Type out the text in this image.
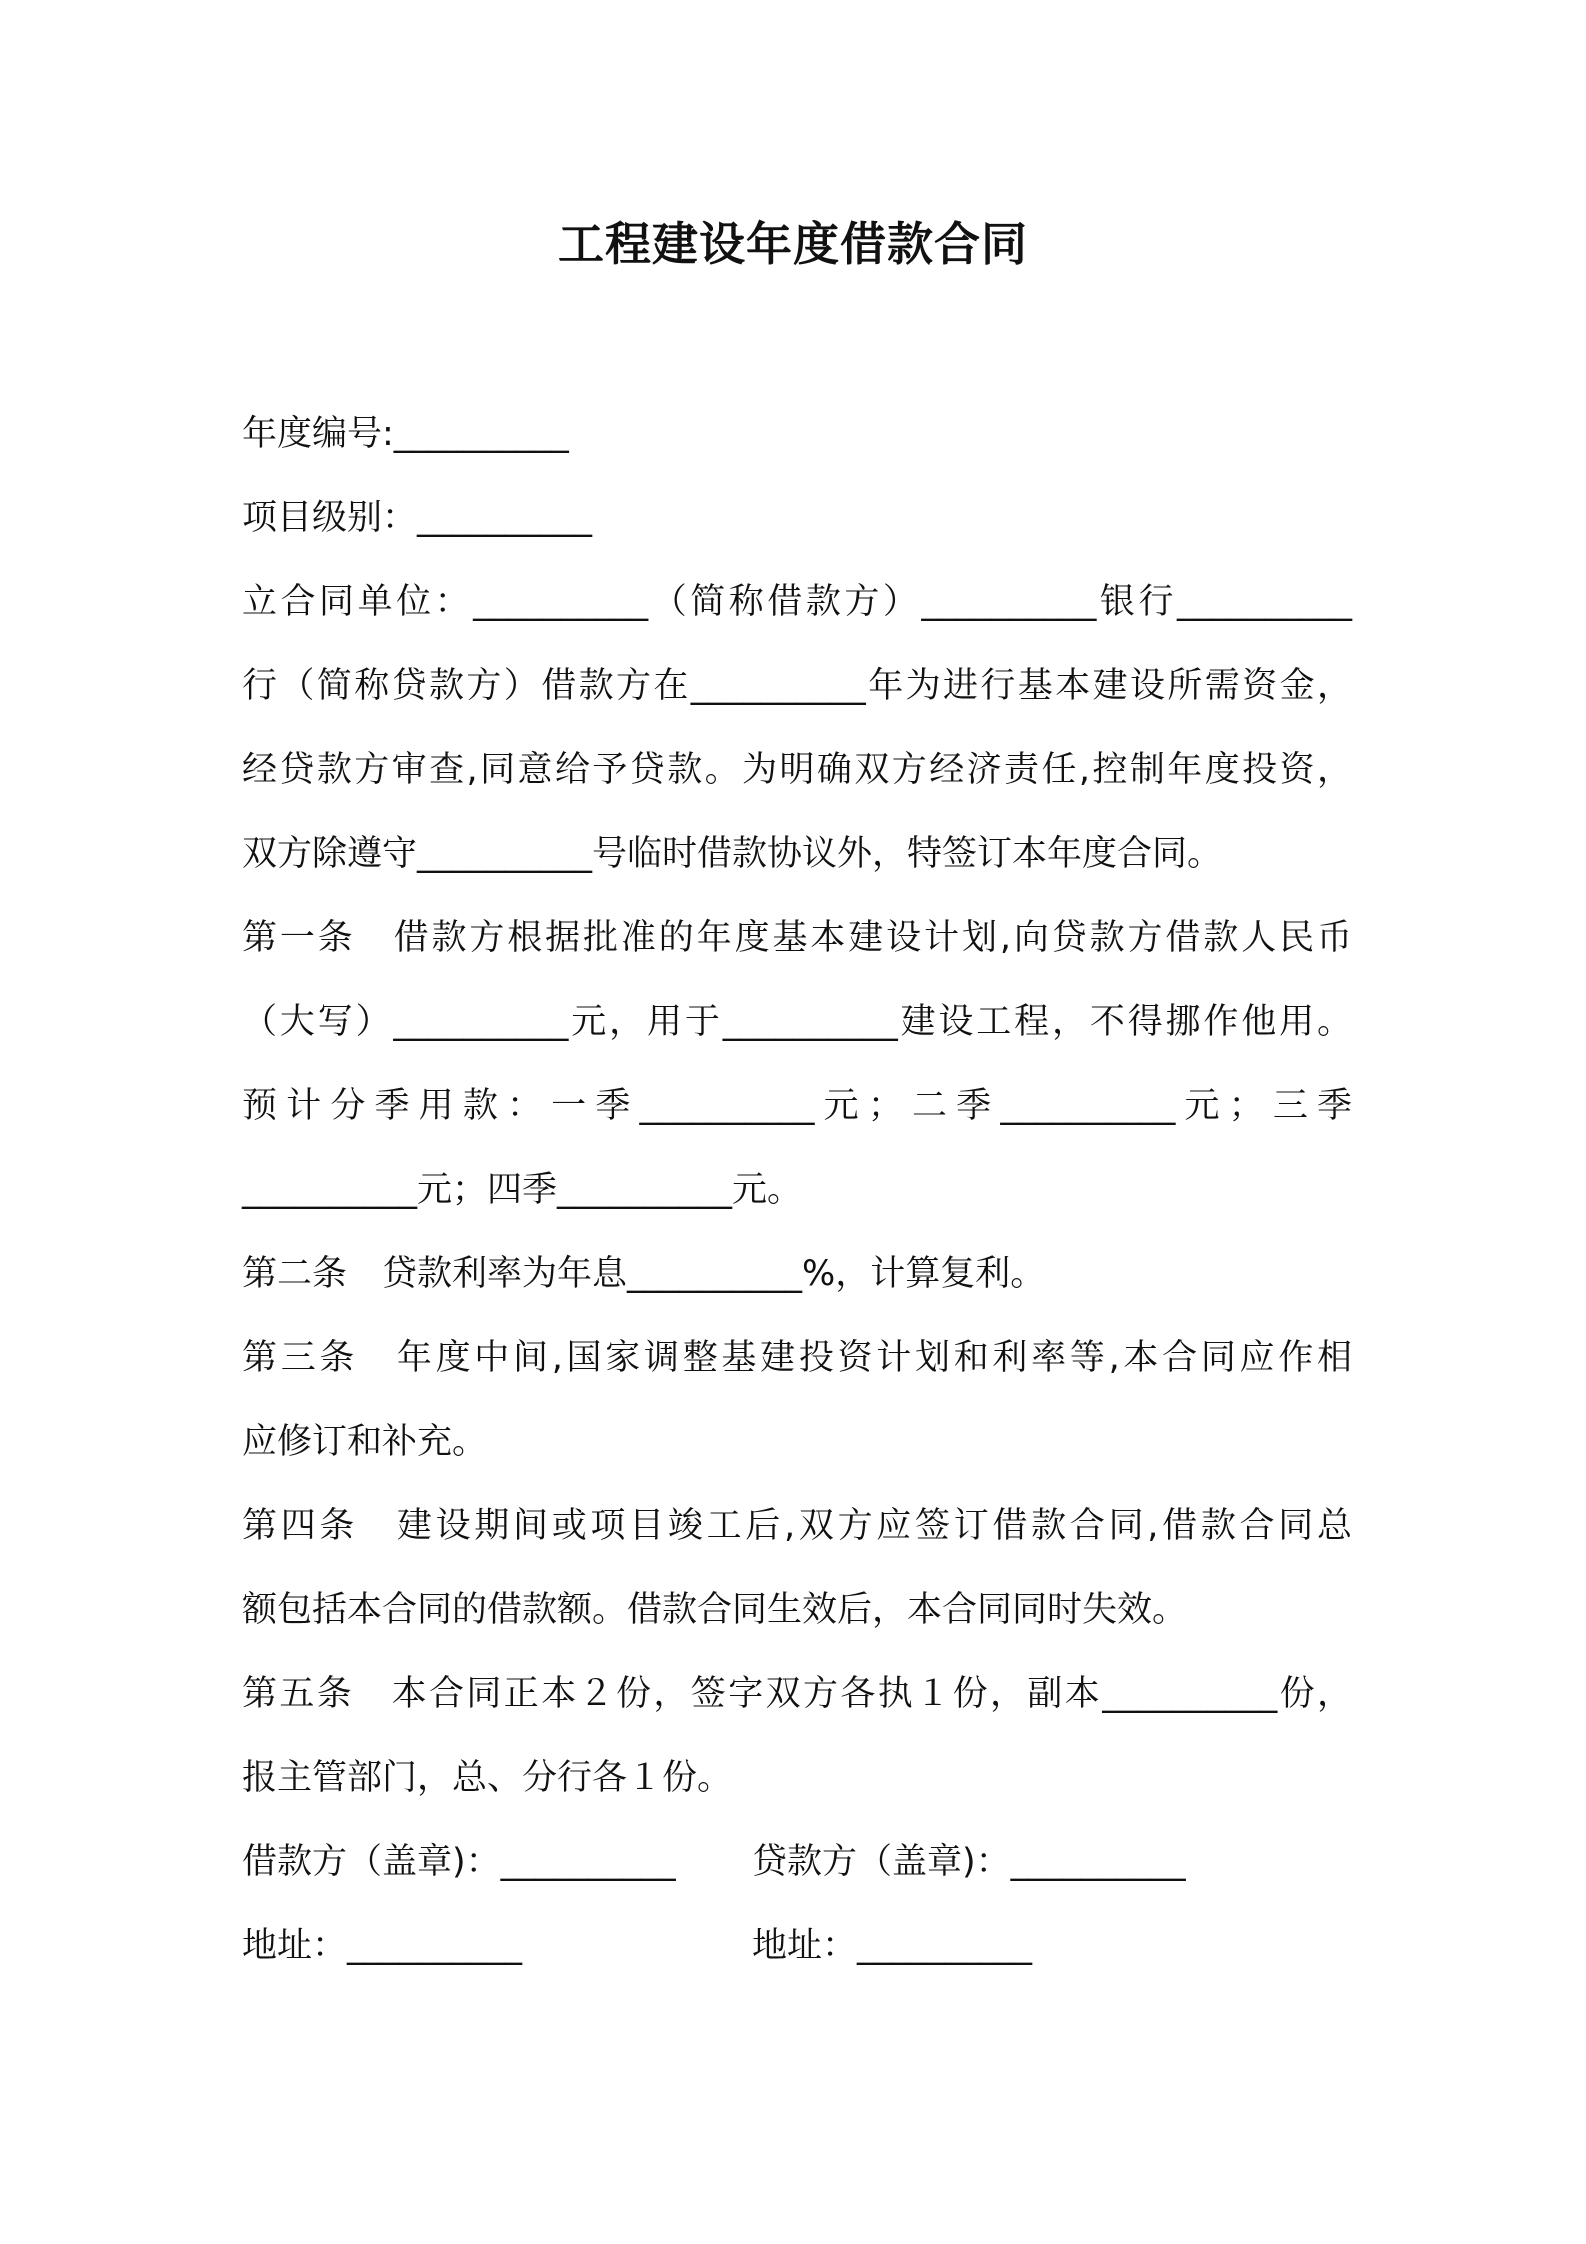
工程建设年度借款合同
年度编号:__________
项目级别：__________
立合同单位：__________（简称借款方）__________银行__________
行（简称贷款方）借款方在__________年为进行基本建设所需资金，
经贷款方审查,同意给予贷款。为明确双方经济责任,控制年度投资，
双方除遵守__________号临时借款协议外，特签订本年度合同。
第一条　借款方根据批准的年度基本建设计划,向贷款方借款人民币
（大写）__________元，用于__________建设工程，不得挪作他用。
预计分季用款：一季__________元；二季__________元；三季
__________元；四季__________元。
第二条　贷款利率为年息__________%，计算复利。
第三条　年度中间,国家调整基建投资计划和利率等,本合同应作相
应修订和补充。
第四条　建设期间或项目竣工后,双方应签订借款合同,借款合同总
额包括本合同的借款额。借款合同生效后，本合同同时失效。
第五条　本合同正本２份，签字双方各执１份，副本__________份，
报主管部门，总、分行各１份。
借款方（盖章)：__________ 贷款方（盖章)：__________
地址：__________	地址：__________
